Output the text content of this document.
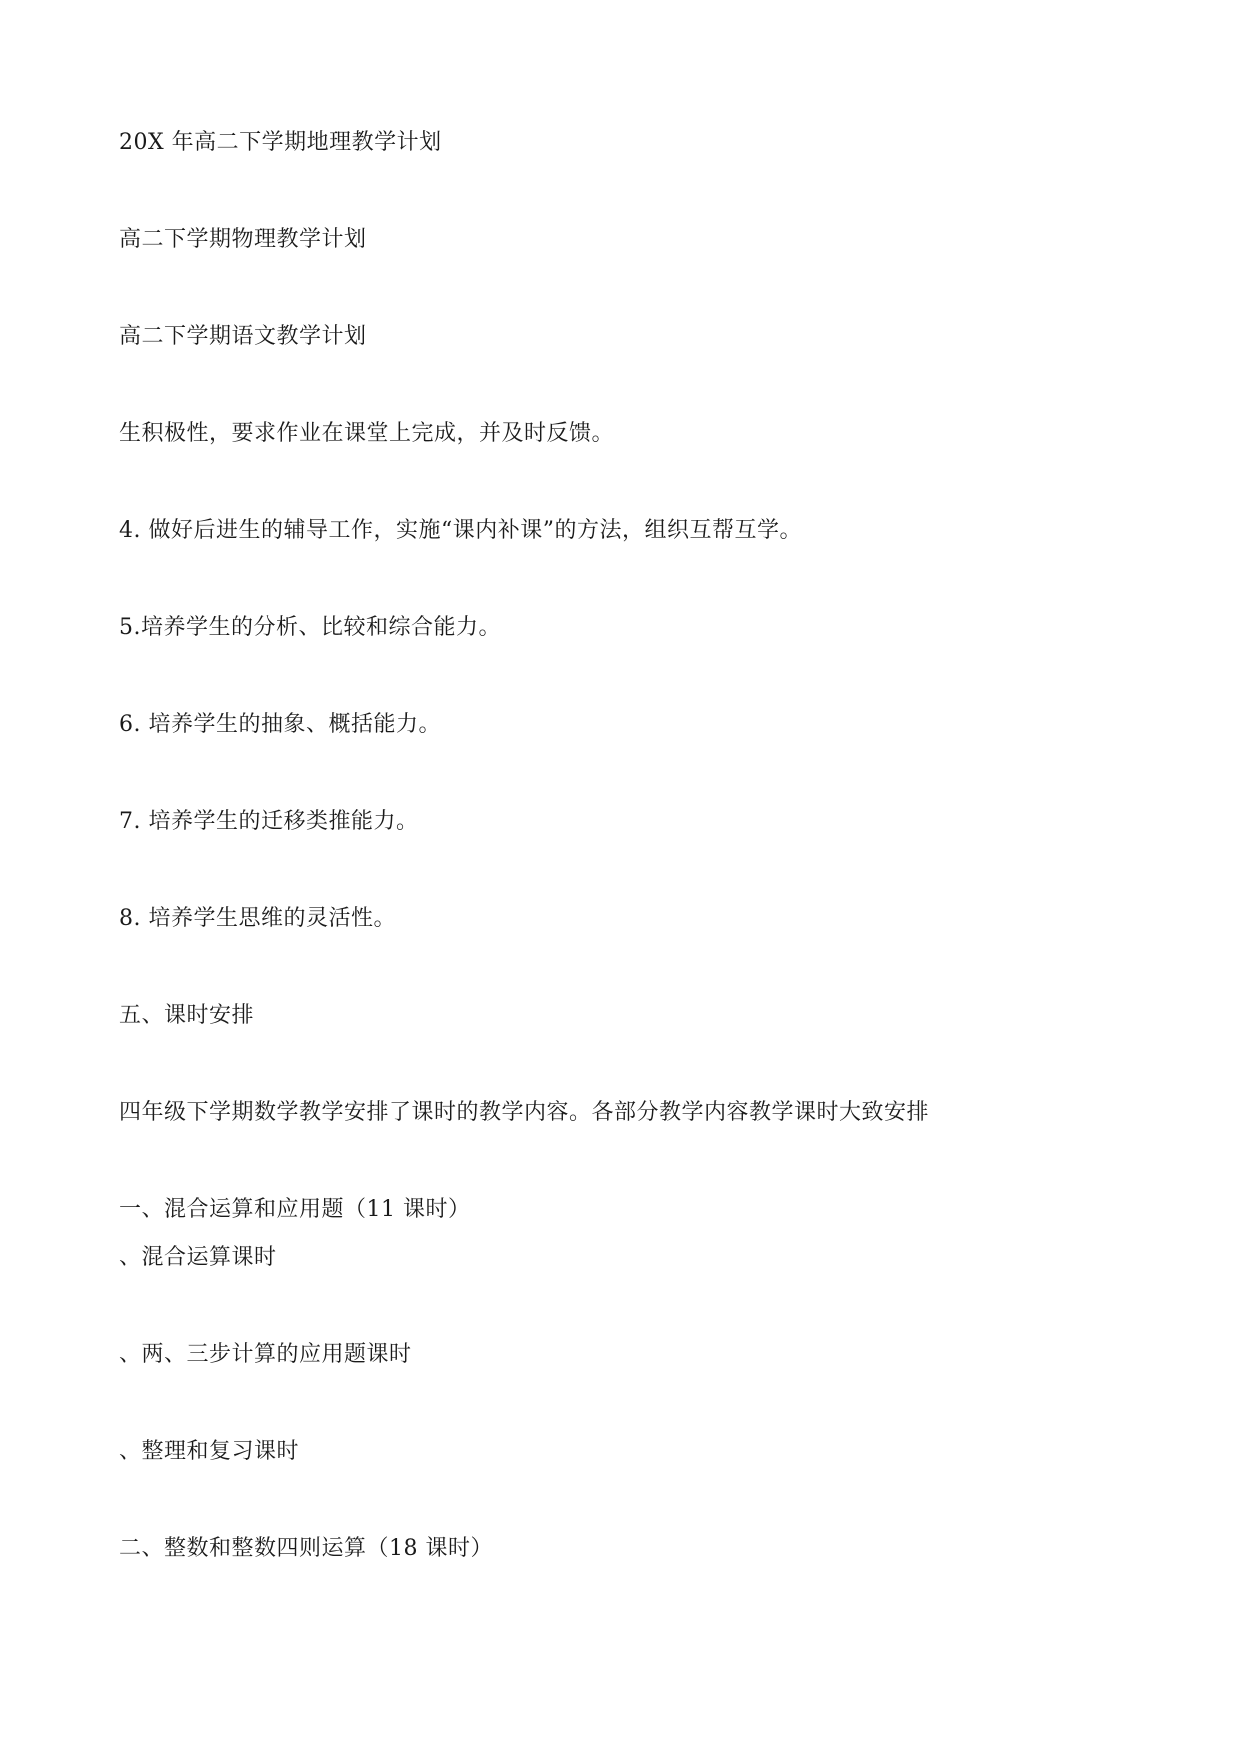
20X 年高二下学期地理教学计划
高二下学期物理教学计划
高二下学期语文教学计划
生积极性，要求作业在课堂上完成，并及时反馈。
4. 做好后进生的辅导工作，实施“课内补课”的方法，组织互帮互学。
5.培养学生的分析、比较和综合能力。
6. 培养学生的抽象、概括能力。
7. 培养学生的迁移类推能力。
8. 培养学生思维的灵活性。
五、课时安排
四年级下学期数学教学安排了课时的教学内容。各部分教学内容教学课时大致安排
一、混合运算和应用题（11 课时）
、混合运算课时
、两、三步计算的应用题课时
、整理和复习课时
二、整数和整数四则运算（18 课时）
